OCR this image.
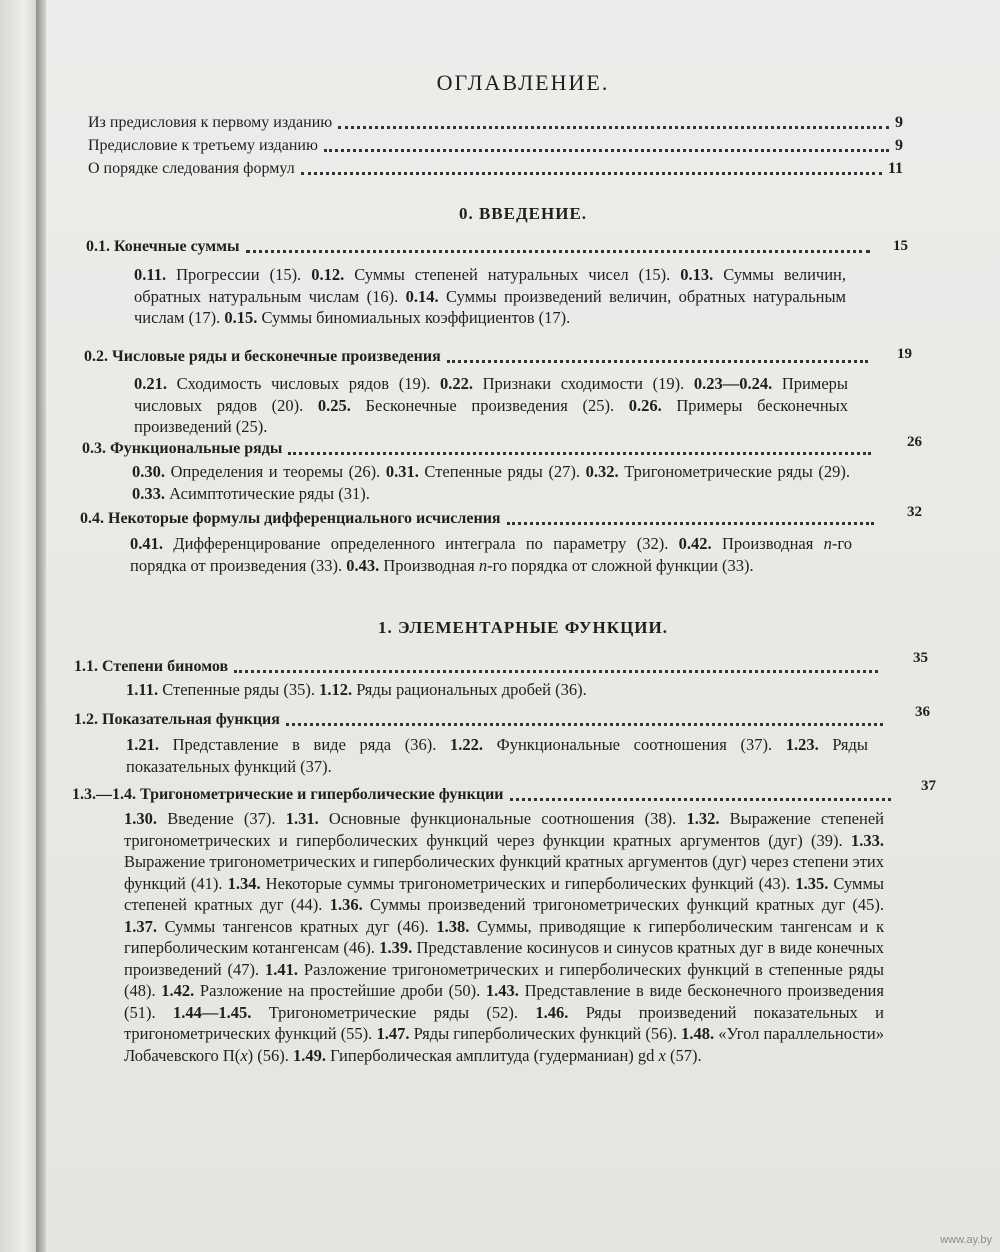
ОГЛАВЛЕНИЕ.
Из предисловия к первому изданию	9
Предисловие к третьему изданию	9
О порядке следования формул	11
0. ВВЕДЕНИЕ.
0.1. Конечные суммы	15
0.11. Прогрессии (15). 0.12. Суммы степеней натуральных чисел (15). 0.13. Суммы величин, обратных натуральным числам (16). 0.14. Суммы произведений величин, обратных натуральным числам (17). 0.15. Суммы биномиальных коэффициентов (17).
0.2. Числовые ряды и бесконечные произведения	19
0.21. Сходимость числовых рядов (19). 0.22. Признаки сходимости (19). 0.23—0.24. Примеры числовых рядов (20). 0.25. Бесконечные произведения (25). 0.26. Примеры бесконечных произведений (25).
0.3. Функциональные ряды	26
0.30. Определения и теоремы (26). 0.31. Степенные ряды (27). 0.32. Тригонометрические ряды (29). 0.33. Асимптотические ряды (31).
0.4. Некоторые формулы дифференциального исчисления	32
0.41. Дифференцирование определенного интеграла по параметру (32). 0.42. Производная n-го порядка от произведения (33). 0.43. Производная n-го порядка от сложной функции (33).
1. ЭЛЕМЕНТАРНЫЕ ФУНКЦИИ.
1.1. Степени биномов	35
1.11. Степенные ряды (35). 1.12. Ряды рациональных дробей (36).
1.2. Показательная функция	36
1.21. Представление в виде ряда (36). 1.22. Функциональные соотношения (37). 1.23. Ряды показательных функций (37).
1.3.—1.4. Тригонометрические и гиперболические функции	37
1.30. Введение (37). 1.31. Основные функциональные соотношения (38). 1.32. Выражение степеней тригонометрических и гиперболических функций через функции кратных аргументов (дуг) (39). 1.33. Выражение тригонометрических и гиперболических функций кратных аргументов (дуг) через степени этих функций (41). 1.34. Некоторые суммы тригонометрических и гиперболических функций (43). 1.35. Суммы степеней кратных дуг (44). 1.36. Суммы произведений тригонометрических функций кратных дуг (45). 1.37. Суммы тангенсов кратных дуг (46). 1.38. Суммы, приводящие к гиперболическим тангенсам и к гиперболическим котангенсам (46). 1.39. Представление косинусов и синусов кратных дуг в виде конечных произведений (47). 1.41. Разложение тригонометрических и гиперболических функций в степенные ряды (48). 1.42. Разложение на простейшие дроби (50). 1.43. Представление в виде бесконечного произведения (51). 1.44—1.45. Тригонометрические ряды (52). 1.46. Ряды произведений показательных и тригонометрических функций (55). 1.47. Ряды гиперболических функций (56). 1.48. «Угол параллельности» Лобачевского Π(x) (56). 1.49. Гиперболическая амплитуда (гудерманиан) gd x (57).
www.ay.by
